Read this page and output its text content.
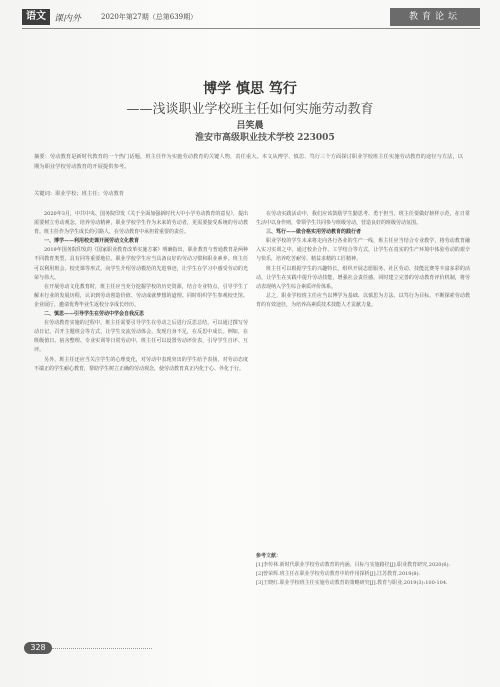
语文 课内外	2020年第27期（总第639期）	教育论坛
博学 慎思 笃行
——浅谈职业学校班主任如何实施劳动教育
吕笑晨
淮安市高级职业技术学校 223005
摘要：劳动教育是新时代教育的一个热门话题，班主任作为实施劳动教育的关键人物，责任重大。本文从博学、慎思、笃行三个方面探讨职业学校班主任实施劳动教育的途径与方法，以期为职业学校劳动教育的开展提供参考。
关键词：职业学校；班主任；劳动教育

2020年3月，中共中央、国务院印发《关于全面加强新时代大中小学劳动教育的意见》，提出需要树立劳动观念，培养劳动精神，职业学校学生作为未来的劳动者，更需要接受系统的劳动教育。班主任作为学生成长的引路人，在劳动教育中承担着重要的责任。

一、博学——利用校史课开展劳动文化教育

2019年国务院印发的《国家职业教育改革实施方案》明确指出，职业教育与普通教育是两种不同教育类型，具有同等重要地位。职业学校学生应当具备良好的劳动习惯和职业素养。班主任可以利用班会、校史课等形式，向学生介绍劳动模范的先进事迹，让学生在学习中感受劳动的光荣与伟大。

在开展劳动文化教育时，班主任应当充分挖掘学校的历史资源，结合专业特点，引导学生了解本行业的发展历程，认识到劳动创造价值、劳动成就梦想的道理。同时组织学生参观校史馆、企业展厅，邀请优秀毕业生返校分享成长经历。

二、慎思——引导学生在劳动中学会自我反思

在劳动教育实施的过程中，班主任需要引导学生在劳动之后进行反思总结，可以通过撰写劳动日记、召开主题班会等方式，让学生交流劳动体会，发现自身不足，在反思中成长。例如，在班级值日、宿舍整理、专业实训等日常劳动中，班主任可以设置劳动评价表，引导学生自评、互评。

另外，班主任还应当关注学生的心理变化，对劳动中表现突出的学生给予表扬，对劳动态度不端正的学生耐心教育，帮助学生树立正确的劳动观念，使劳动教育真正内化于心、外化于行。

在劳动实践活动中，我们应该鼓励学生勤思考、勇于担当，班主任要做好榜样示范，在日常生活中以身作则，带领学生共同参与班级劳动，营造良好的班级劳动氛围。

三、笃行——做合格实用劳动教育的践行者

职业学校的学生未来将走向各行各业的生产一线，班主任应当结合专业教学，将劳动教育融入实习实训之中。通过校企合作、工学结合等方式，让学生在真实的生产环境中体验劳动的艰辛与快乐，培养吃苦耐劳、精益求精的工匠精神。

班主任可以根据学生的兴趣特长，组织开展志愿服务、社区劳动、技能比赛等丰富多彩的活动，让学生在实践中提升劳动技能，增强社会责任感。同时建立完善的劳动教育评价机制，将劳动表现纳入学生综合素质评价体系。

总之，职业学校班主任应当以博学为基础、以慎思为方法、以笃行为目标，不断探索劳动教育的有效途径，为培养高素质技术技能人才贡献力量。

参考文献：

[1]李传林.新时代职业学校劳动教育的内涵、目标与实施路径[J].职业教育研究,2020(6).

[2]曾荣辉.班主任在职业学校劳动教育中的作用探析[J].江苏教育,2019(8).

[3]王晓红.职业学校班主任实施劳动教育的策略研究[J].教育与职业,2019(3):100-104.

328
